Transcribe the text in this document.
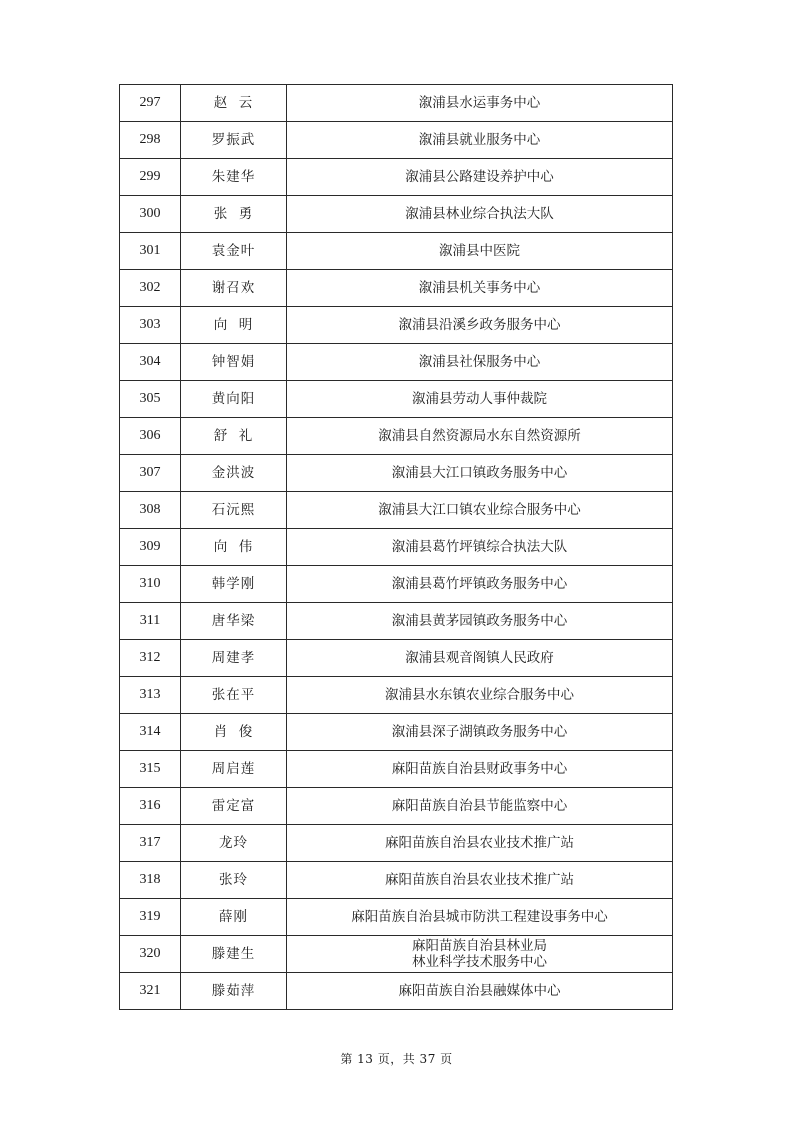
297	赵  云	溆浦县水运事务中心
298	罗振武	溆浦县就业服务中心
299	朱建华	溆浦县公路建设养护中心
300	张  勇	溆浦县林业综合执法大队
301	袁金叶	溆浦县中医院
302	谢召欢	溆浦县机关事务中心
303	向  明	溆浦县沿溪乡政务服务中心
304	钟智娟	溆浦县社保服务中心
305	黄向阳	溆浦县劳动人事仲裁院
306	舒  礼	溆浦县自然资源局水东自然资源所
307	金洪波	溆浦县大江口镇政务服务中心
308	石沅熙	溆浦县大江口镇农业综合服务中心
309	向  伟	溆浦县葛竹坪镇综合执法大队
310	韩学刚	溆浦县葛竹坪镇政务服务中心
311	唐华梁	溆浦县黄茅园镇政务服务中心
312	周建孝	溆浦县观音阁镇人民政府
313	张在平	溆浦县水东镇农业综合服务中心
314	肖  俊	溆浦县深子湖镇政务服务中心
315	周启莲	麻阳苗族自治县财政事务中心
316	雷定富	麻阳苗族自治县节能监察中心
317	龙玲	麻阳苗族自治县农业技术推广站
318	张玲	麻阳苗族自治县农业技术推广站
319	薛刚	麻阳苗族自治县城市防洪工程建设事务中心
320	滕建生	麻阳苗族自治县林业局
林业科学技术服务中心

321	滕茹萍	麻阳苗族自治县融媒体中心
第 13 页，共 37 页
